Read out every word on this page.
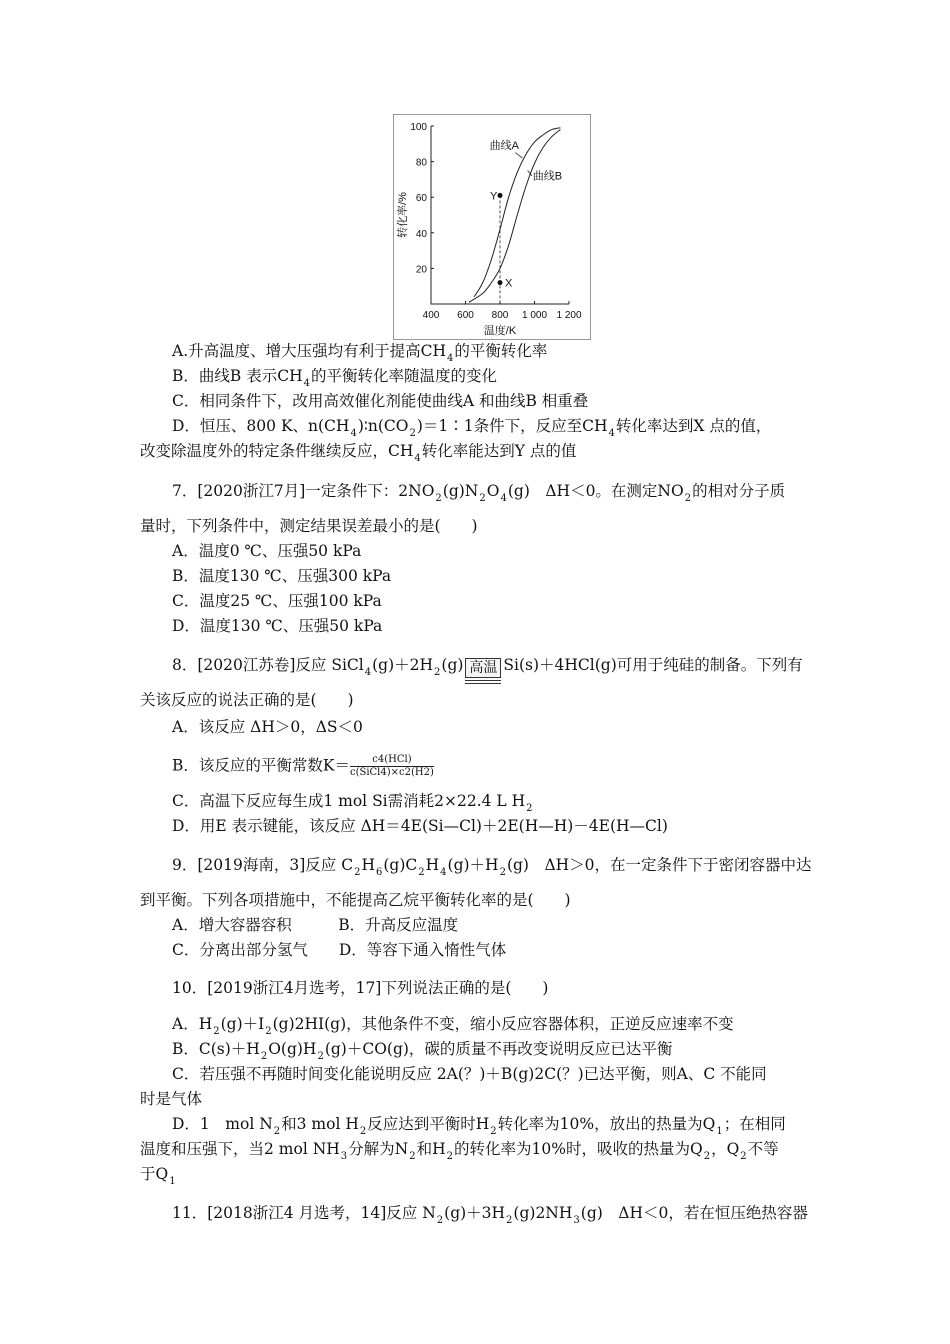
400 600 800 1 000 1 200
20
40
60
80
100
温度/K
转化率/%
曲线A
曲线B
Y
X
A.升高温度、增大压强均有利于提高$CH_4$的平衡转化率
B．曲线B 表示$CH_4$的平衡转化率随温度的变化
C．相同条件下，改用高效催化剂能使曲线A 和曲线B 相重叠
D．恒压、800 K、$n(CH_4)∶n(CO_2)=1∶1$条件下，反应至$CH_4$转化率达到X 点的值，
改变除温度外的特定条件继续反应，$CH_4$转化率能达到Y 点的值
7．[2020浙江7月]一定条件下：$2NO_2(g)N_2O_4(g)$　ΔH＜0。在测定$NO_2$的相对分子质
量时，下列条件中，测定结果误差最小的是(　　)
A．温度0 ℃、压强50 kPa
B．温度130 ℃、压强300 kPa
C．温度25 ℃、压强100 kPa
D．温度130 ℃、压强50 kPa
8．[2020江苏卷]反应 $SiCl_4(g)+2H_2(g)$ 高温 Si(s)＋4HCl(g)可用于纯硅的制备。下列有
关该反应的说法正确的是(　　)
A．该反应 ΔH＞0，ΔS＜0
B．该反应的平衡常数$K= \frac{\text{c4(HCl)}}{\text{c(SiCl4)×c2(H2)}}$
C．高温下反应每生成1 mol Si需消耗2×22.4 L $H_2$
D．用E 表示键能，该反应 ΔH＝4E(Si—Cl)＋2E(H—H)－4E(H—Cl)
9．[2019海南，3]反应 $C_2H_6(g)C_2H_4(g)+H_2(g)$　ΔH＞0，在一定条件下于密闭容器中达
到平衡。下列各项措施中，不能提高乙烷平衡转化率的是(　　)
A．增大容器容积　　　B．升高反应温度
C．分离出部分氢气　　D．等容下通入惰性气体
10．[2019浙江4月选考，17]下列说法正确的是(　　)
A．$H_2(g)+I_2(g)2HI(g)$，其他条件不变，缩小反应容器体积，正逆反应速率不变
B．$C(s)+H_2O(g)H_2(g)+CO(g)$，碳的质量不再改变说明反应已达平衡
C．若压强不再随时间变化能说明反应 2A(？)＋B(g)2C(？)已达平衡，则A、C 不能同
时是气体
D．1　mol $N_2$和3 mol $H_2$反应达到平衡时$H_2$转化率为10%，放出的热量为$Q_1$；在相同
温度和压强下，当2 mol $NH_3$分解为$N_2$和$H_2$的转化率为10%时，吸收的热量为$Q_2$，$Q_2$不等
于$Q_1$
11．[2018浙江4 月选考，14]反应 $N_2(g)+3H_2(g)2NH_3(g)$　ΔH＜0，若在恒压绝热容器
